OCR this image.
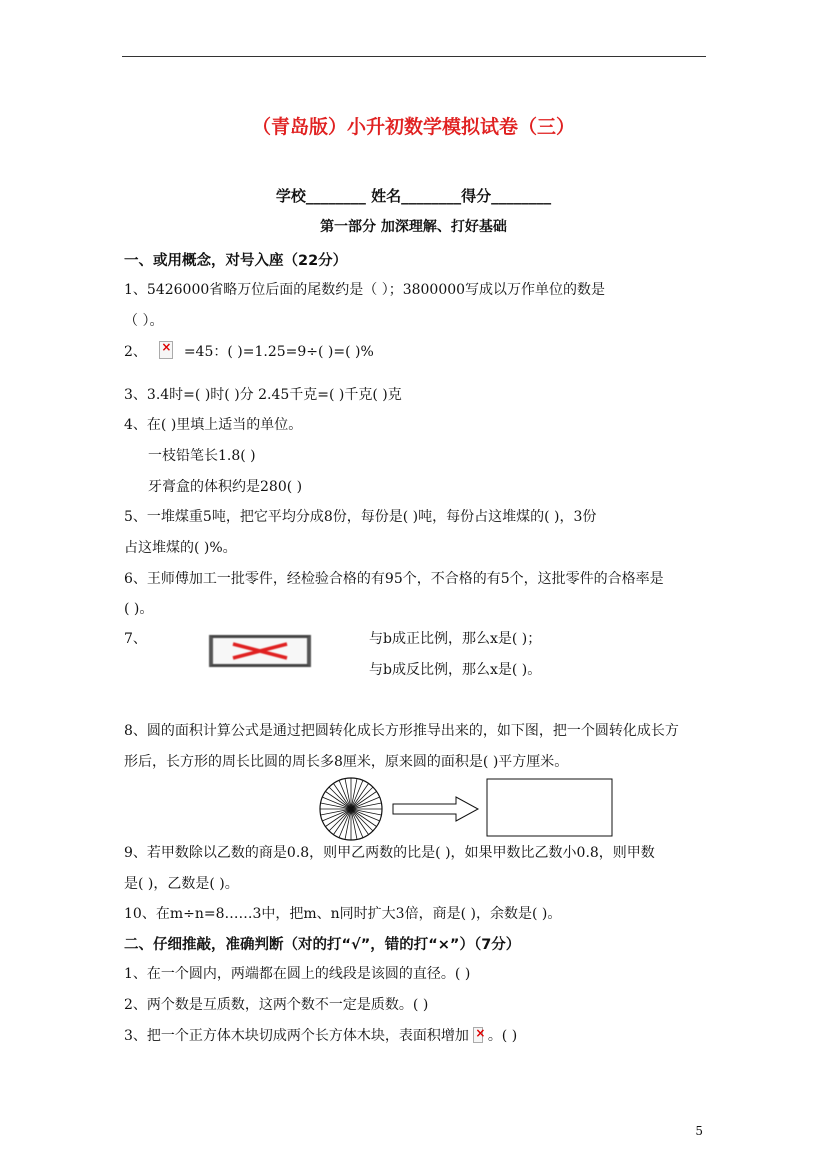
（青岛版）小升初数学模拟试卷（三）
学校________ 姓名________得分________
第一部分 加深理解、打好基础
一、或用概念，对号入座（22分）
1、5426000省略万位后面的尾数约是（ ）；3800000写成以万作单位的数是
（ ）。
2、 ×	=45：( )=1.25=9÷( )=( )%
3、3.4时=( )时( )分 2.45千克=( )千克( )克
4、在( )里填上适当的单位。
一枝铅笔长1.8( )
牙膏盒的体积约是280( )
5、一堆煤重5吨，把它平均分成8份，每份是( )吨，每份占这堆煤的( )，3份
占这堆煤的( )%。
6、王师傅加工一批零件，经检验合格的有95个，不合格的有5个，这批零件的合格率是
( )。
7、	与b成正比例，那么x是( )；
与b成反比例，那么x是( )。
8、圆的面积计算公式是通过把圆转化成长方形推导出来的，如下图，把一个圆转化成长方
形后，长方形的周长比圆的周长多8厘米，原来圆的面积是( )平方厘米。
9、若甲数除以乙数的商是0.8，则甲乙两数的比是( )，如果甲数比乙数小0.8，则甲数
是( )，乙数是( )。
10、在m÷n=8……3中，把m、n同时扩大3倍，商是( )，余数是( )。
二、仔细推敲，准确判断（对的打“√”，错的打“×”）（7分）
1、在一个圆内，两端都在圆上的线段是该圆的直径。( )
2、两个数是互质数，这两个数不一定是质数。( )
3、把一个正方体木块切成两个长方体木块，表面积增加 × 。( )
5
